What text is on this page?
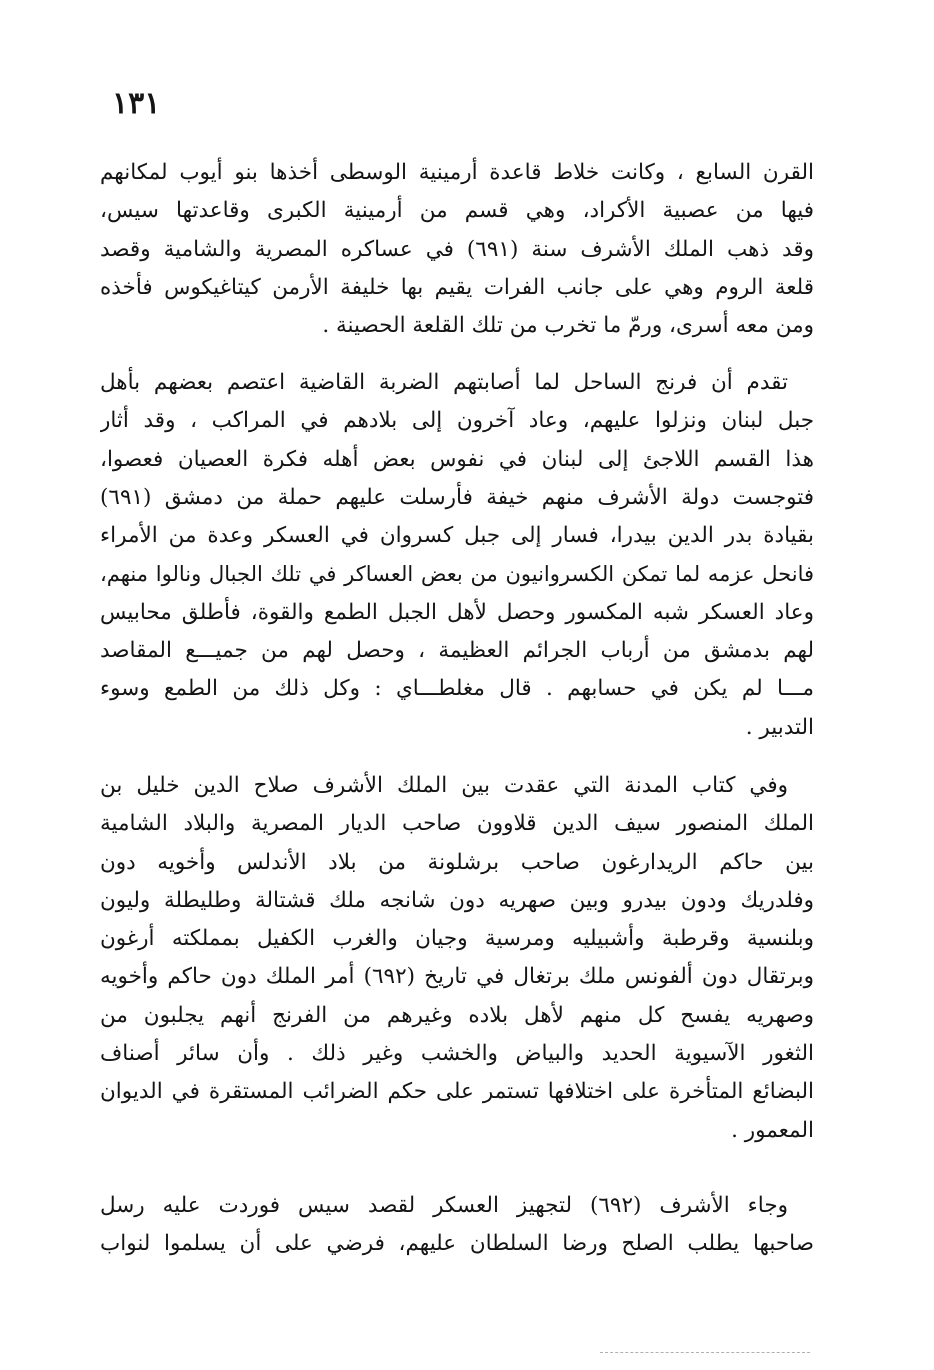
١٣١
القرن السابع ، وكانت خلاط قاعدة أرمينية الوسطى أخذها بنو أيوب لمكانهم
فيها من عصبية الأكراد، وهي قسم من أرمينية الكبرى وقاعدتها سيس،
وقد ذهب الملك الأشرف سنة (٦٩١) في عساكره المصرية والشامية وقصد
قلعة الروم وهي على جانب الفرات يقيم بها خليفة الأرمن كيتاغيكوس فأخذه
ومن معه أسرى، ورمّ ما تخرب من تلك القلعة الحصينة .
تقدم أن فرنج الساحل لما أصابتهم الضربة القاضية اعتصم بعضهم بأهل
جبل لبنان ونزلوا عليهم، وعاد آخرون إلى بلادهم في المراكب ، وقد أثار
هذا القسم اللاجئ إلى لبنان في نفوس بعض أهله فكرة العصيان فعصوا،
فتوجست دولة الأشرف منهم خيفة فأرسلت عليهم حملة من دمشق (٦٩١)
بقيادة بدر الدين بيدرا، فسار إلى جبل كسروان في العسكر وعدة من الأمراء
فانحل عزمه لما تمكن الكسروانيون من بعض العساكر في تلك الجبال ونالوا منهم،
وعاد العسكر شبه المكسور وحصل لأهل الجبل الطمع والقوة، فأطلق محابيس
لهم بدمشق من أرباب الجرائم العظيمة ، وحصل لهم من جميـــع المقاصد
مـــا لم يكن في حسابهم . قال مغلطـــاي : وكل ذلك من الطمع وسوء
التدبير .
وفي كتاب المدنة التي عقدت بين الملك الأشرف صلاح الدين خليل بن
الملك المنصور سيف الدين قلاوون صاحب الديار المصرية والبلاد الشامية
بين حاكم الريدارغون صاحب برشلونة من بلاد الأندلس وأخويه دون
وفلدريك ودون بيدرو وبين صهريه دون شانجه ملك قشتالة وطليطلة وليون
وبلنسية وقرطبة وأشبيليه ومرسية وجيان والغرب الكفيل بمملكته أرغون
وبرتقال دون ألفونس ملك برتغال في تاريخ (٦٩٢) أمر الملك دون حاكم وأخويه
وصهريه يفسح كل منهم لأهل بلاده وغيرهم من الفرنج أنهم يجلبون من
الثغور الآسيوية الحديد والبياض والخشب وغير ذلك . وأن سائر أصناف
البضائع المتأخرة على اختلافها تستمر على حكم الضرائب المستقرة في الديوان
المعمور .
وجاء الأشرف (٦٩٢) لتجهيز العسكر لقصد سيس فوردت عليه رسل
صاحبها يطلب الصلح ورضا السلطان عليهم، فرضي على أن يسلموا لنواب
